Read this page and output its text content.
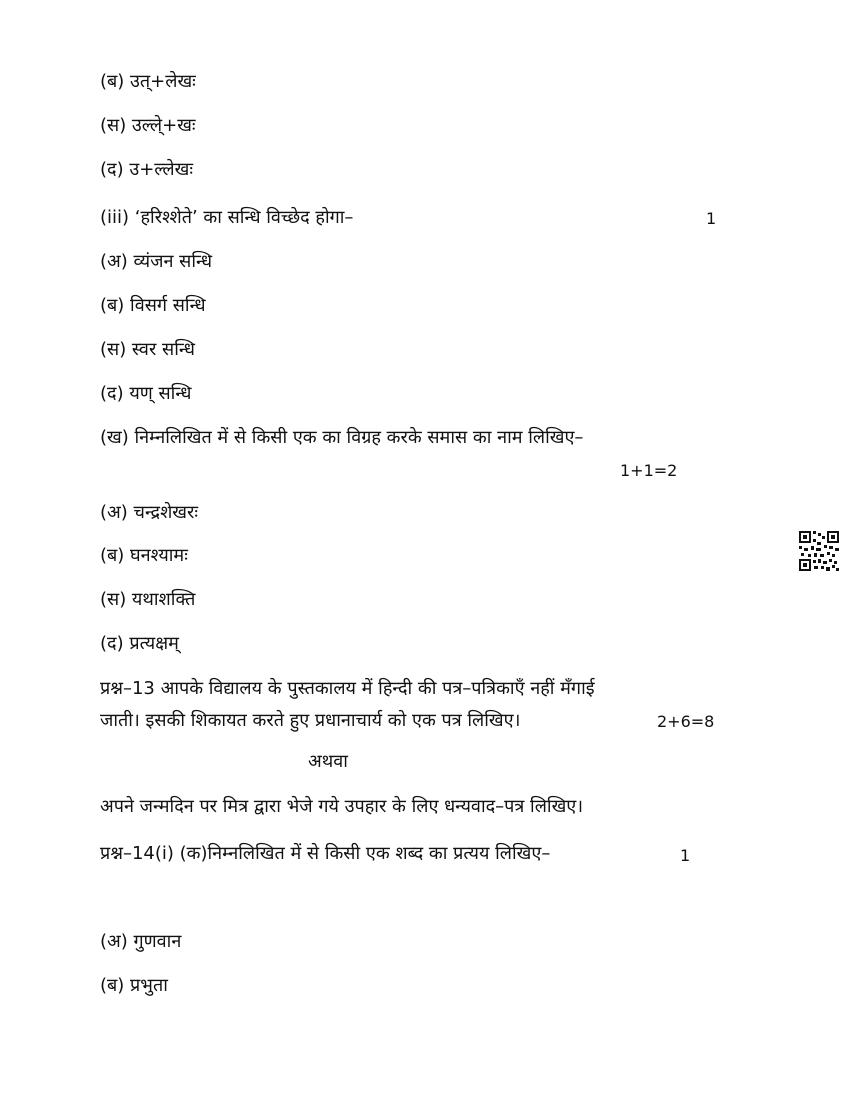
(ब) उत्+लेखः
(स) उल्ले्+खः
(द) उ+ल्लेखः
(iii) ‘हरिश्शेते’ का सन्धि विच्छेद होगा–	1
(अ) व्यंजन सन्धि
(ब) विसर्ग सन्धि
(स) स्वर सन्धि
(द) यण् सन्धि
(ख) निम्नलिखित में से किसी एक का विग्रह करके समास का नाम लिखिए–
1+1=2
(अ) चन्द्रशेखरः
(ब) घनश्यामः
(स) यथाशक्ति
(द) प्रत्यक्षम्
प्रश्न–13 आपके विद्यालय के पुस्तकालय में हिन्दी की पत्र–पत्रिकाएँ नहीं मँगाई
जाती। इसकी शिकायत करते हुए प्रधानाचार्य को एक पत्र लिखिए।	2+6=8
अथवा
अपने जन्मदिन पर मित्र द्वारा भेजे गये उपहार के लिए धन्यवाद–पत्र लिखिए।
प्रश्न–14(i) (क)निम्नलिखित में से किसी एक शब्द का प्रत्यय लिखिए–	1
(अ) गुणवान
(ब) प्रभुता
